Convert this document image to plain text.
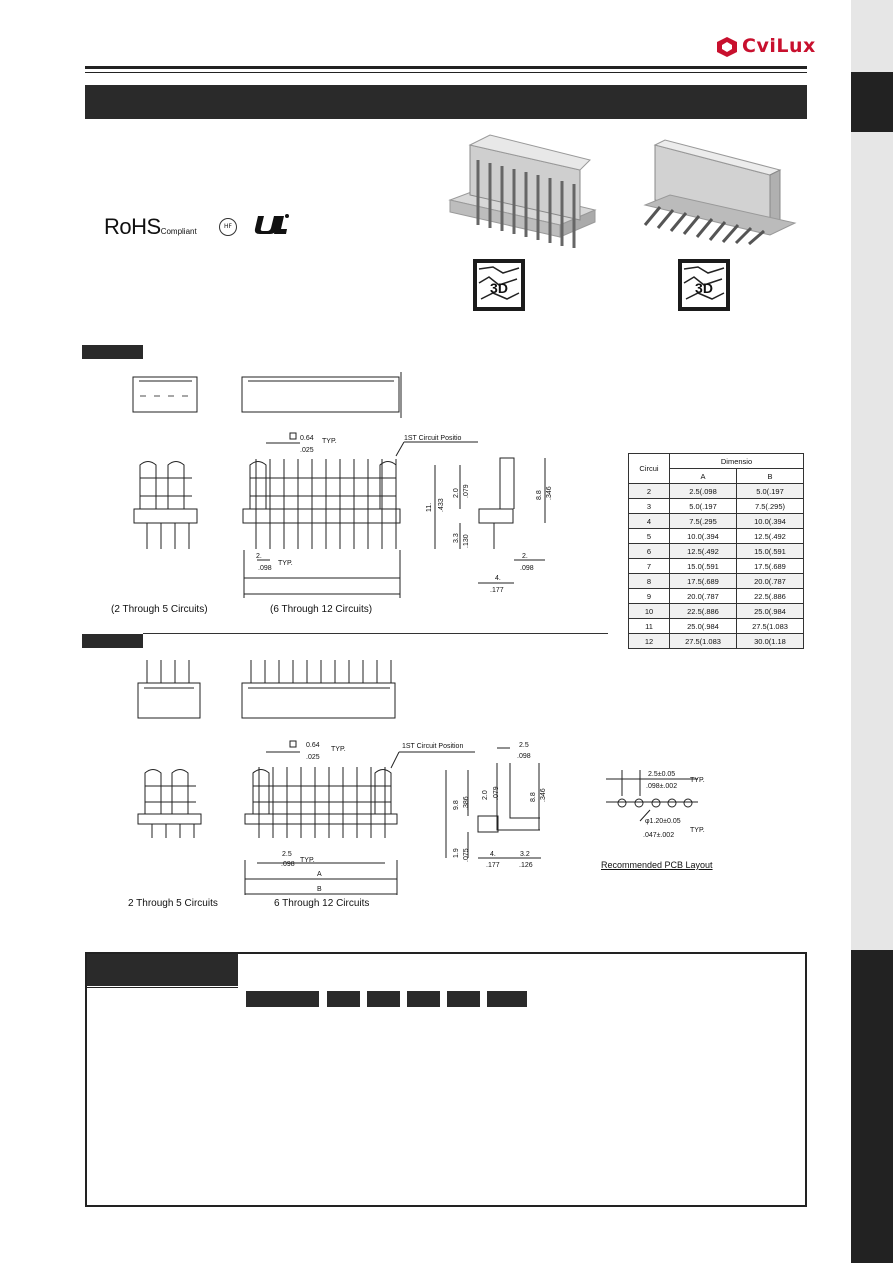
CviLux
RoHSCompliant
HF
3D	3D
0.64
.025
TYP.	1ST Circuit Positio
2.
TYP.
.098
11. .433
2.0 .079
3.3 .130
8.8 .346
4.
.177
2.
.098
0.64
.025
TYP.	1ST Circuit Position	2.5
.098
2.5
TYP.
.098
A
B
9.8 .386
2.0 .079
1.9 .075
8.8 .346
4.
.177
3.2
.126
2.5±0.05
TYP.
.098±.002
φ1.20±0.05
TYP.
.047±.002
(2 Through 5 Circuits)	(6 Through 12 Circuits)
2 Through 5 Circuits	6 Through 12 Circuits
Recommended PCB Layout
Circui	Dimensio	
	A	B
2	2.5(.098	5.0(.197
3	5.0(.197	7.5(.295)
4	7.5(.295	10.0(.394
5	10.0(.394	12.5(.492
6	12.5(.492	15.0(.591
7	15.0(.591	17.5(.689
8	17.5(.689	20.0(.787
9	20.0(.787	22.5(.886
10	22.5(.886	25.0(.984
11	25.0(.984	27.5(1.083
12	27.5(1.083	30.0(1.18
